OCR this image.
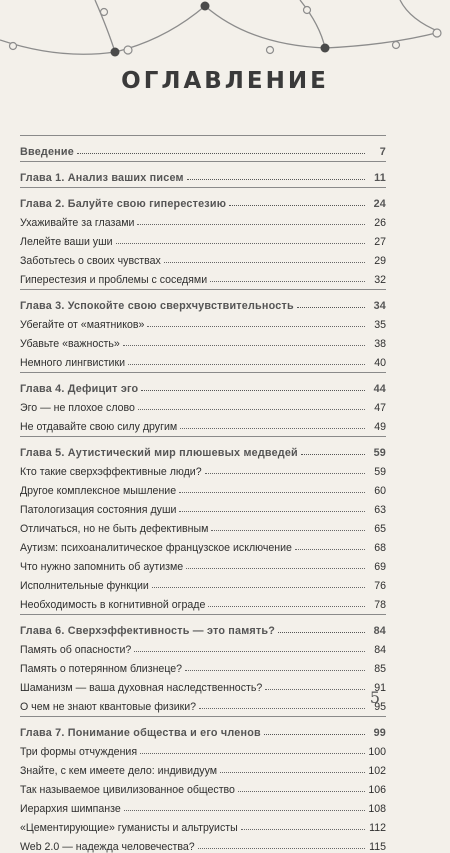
ОГЛАВЛЕНИЕ
Введение	7
Глава 1. Анализ ваших писем	11
Глава 2. Балуйте свою гиперестезию	24
Ухаживайте за глазами	26
Лелейте ваши уши	27
Заботьтесь о своих чувствах	29
Гиперестезия и проблемы с соседями	32
Глава 3. Успокойте свою сверхчувствительность	34
Убегайте от «маятников»	35
Убавьте «важность»	38
Немного лингвистики	40
Глава 4. Дефицит эго	44
Эго — не плохое слово	47
Не отдавайте свою силу другим	49
Глава 5. Аутистический мир плюшевых медведей	59
Кто такие сверхэффективные люди?	59
Другое комплексное мышление	60
Патологизация состояния души	63
Отличаться, но не быть дефективным	65
Аутизм: психоаналитическое французское исключение	68
Что нужно запомнить об аутизме	69
Исполнительные функции	76
Необходимость в когнитивной ограде	78
Глава 6. Сверхэффективность — это память?	84
Память об опасности?	84
Память о потерянном близнеце?	85
Шаманизм — ваша духовная наследственность?	91
О чем не знают квантовые физики?	95
Глава 7. Понимание общества и его членов	99
Три формы отчуждения	100
Знайте, с кем имеете дело: индивидуум	102
Так называемое цивилизованное общество	106
Иерархия шимпанзе	108
«Цементирующие» гуманисты и альтруисты	112
Web 2.0 — надежда человечества?	115
5
